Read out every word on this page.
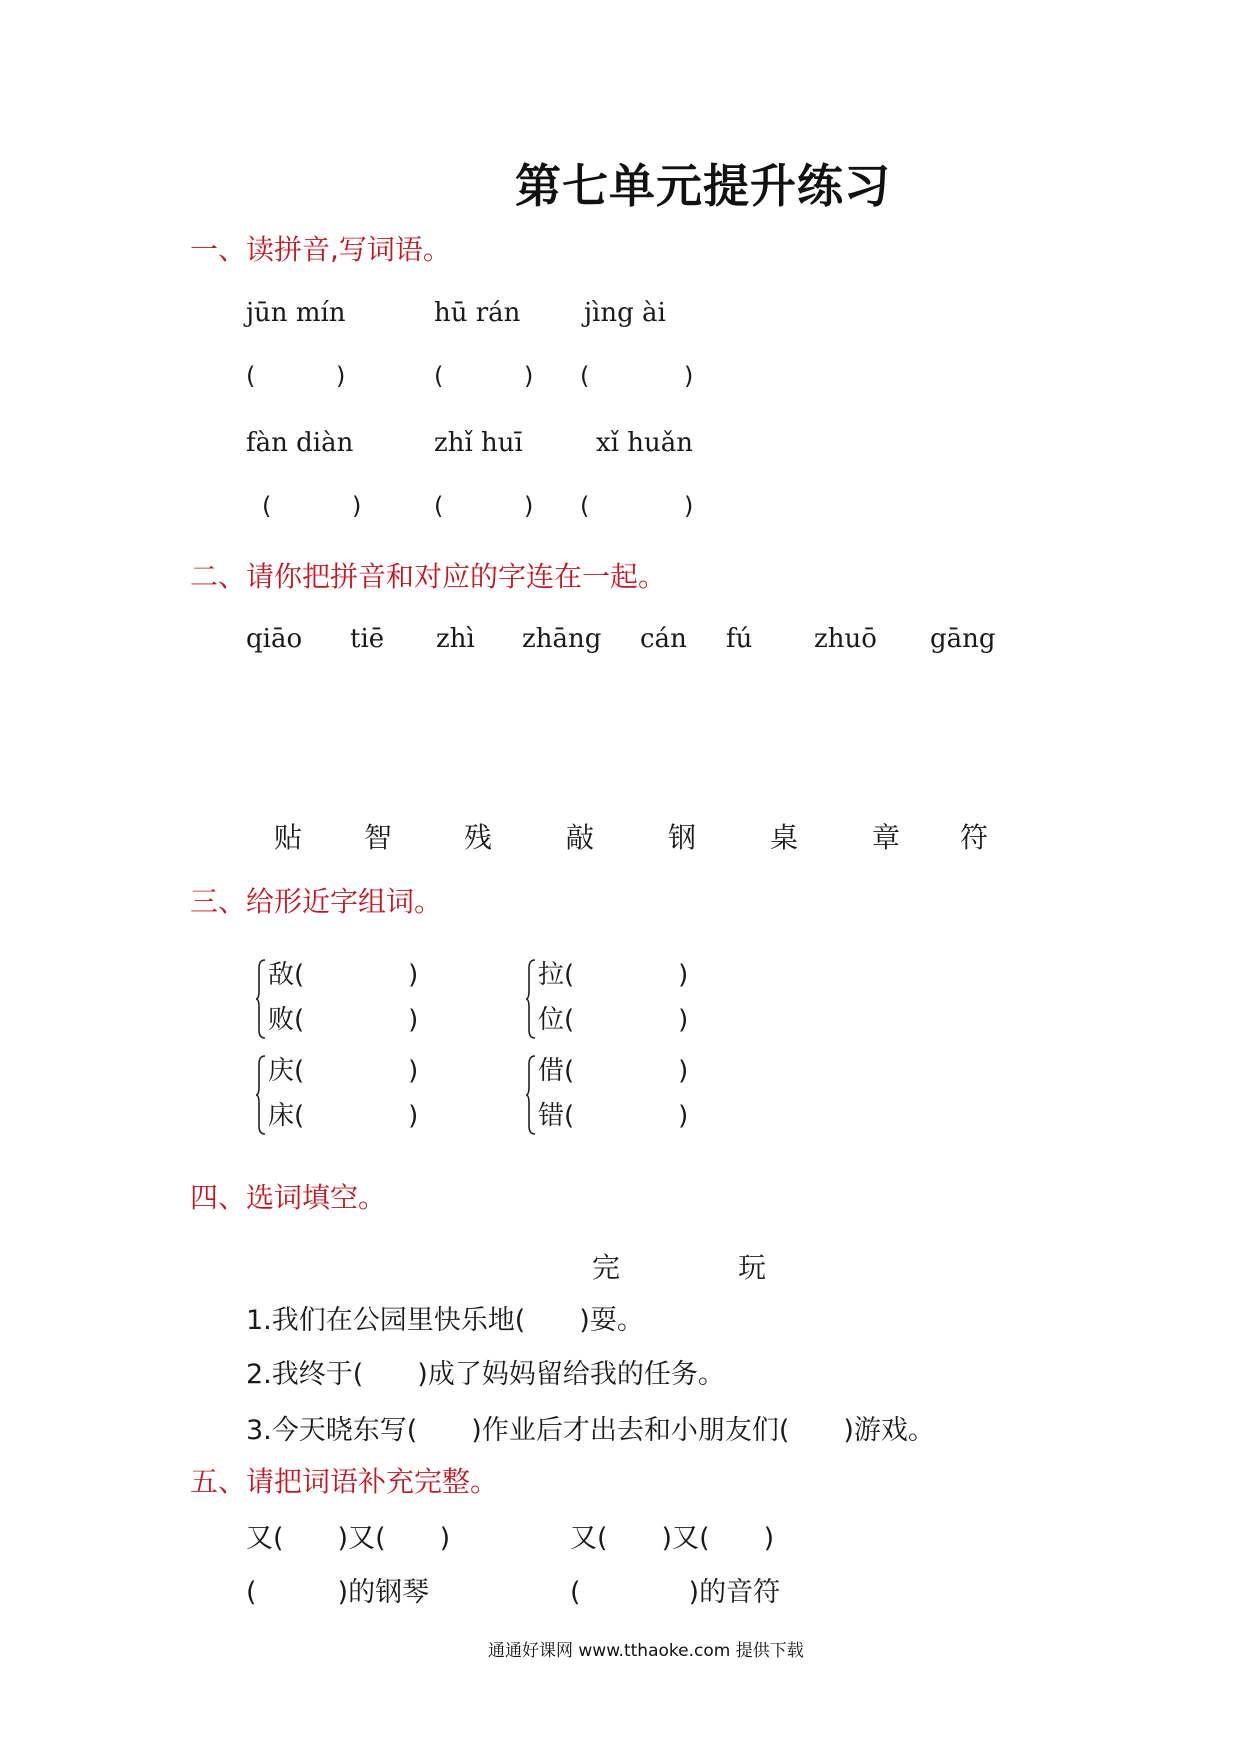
第七单元提升练习
一、读拼音,写词语。
jūn mín	hū rán jìng ài
(	)	(	) (	)
fàn diàn	zhǐ huī	xǐ huǎn
(	)	(	) (	)
二、请你把拼音和对应的字连在一起。
qiāo tiē zhì zhāng cán fú zhuō gāng
贴 智	残	敲	钢	桌	章 符
三、给形近字组词。
敌(　　　　)
败(　　　　)
拉(　　　　)
位(　　　　)
庆(　　　　)
床(　　　　)
借(　　　　)
错(　　　　)
四、选词填空。
完	玩
1.我们在公园里快乐地(　　)耍。
2.我终于(　　)成了妈妈留给我的任务。
3.今天晓东写(　　)作业后才出去和小朋友们(　　)游戏。
五、请把词语补充完整。
又(　　)又(　　)	又(　　)又(　　)
(　　　)的钢琴	(　　　　)的音符
通通好课网 www.tthaoke.com 提供下载
